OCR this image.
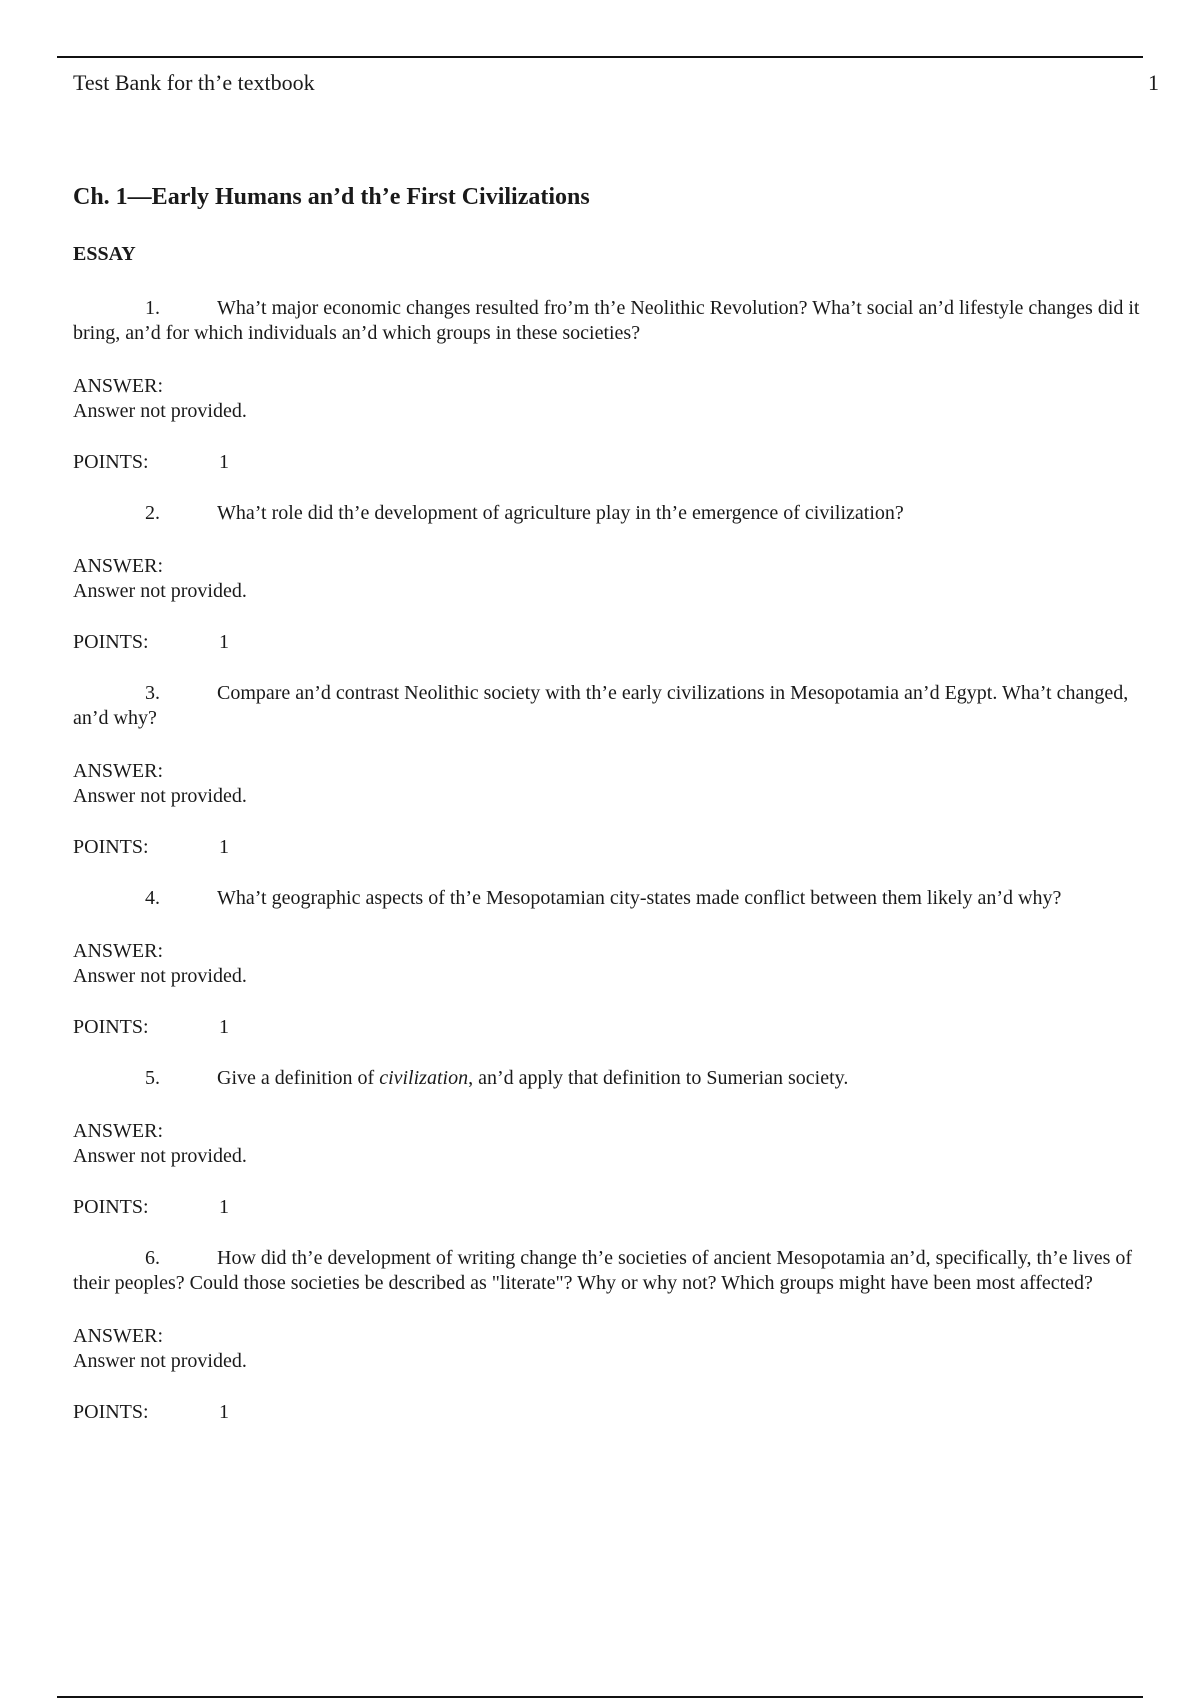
Test Bank for th’e textbook	1
Ch. 1—Early Humans an’d th’e First Civilizations
ESSAY
1.	Wha’t major economic changes resulted fro’m th’e Neolithic Revolution? Wha’t social an’d lifestyle changes did it bring, an’d for which individuals an’d which groups in these societies?
ANSWER:
Answer not provided.
POINTS:	1
2.	Wha’t role did th’e development of agriculture play in th’e emergence of civilization?
ANSWER:
Answer not provided.
POINTS:	1
3.	Compare an’d contrast Neolithic society with th’e early civilizations in Mesopotamia an’d Egypt. Wha’t changed, an’d why?
ANSWER:
Answer not provided.
POINTS:	1
4.	Wha’t geographic aspects of th’e Mesopotamian city-states made conflict between them likely an’d why?
ANSWER:
Answer not provided.
POINTS:	1
5.	Give a definition of civilization, an’d apply that definition to Sumerian society.
ANSWER:
Answer not provided.
POINTS:	1
6.	How did th’e development of writing change th’e societies of ancient Mesopotamia an’d, specifically, th’e lives of their peoples? Could those societies be described as "literate"? Why or why not? Which groups might have been most affected?
ANSWER:
Answer not provided.
POINTS:	1
